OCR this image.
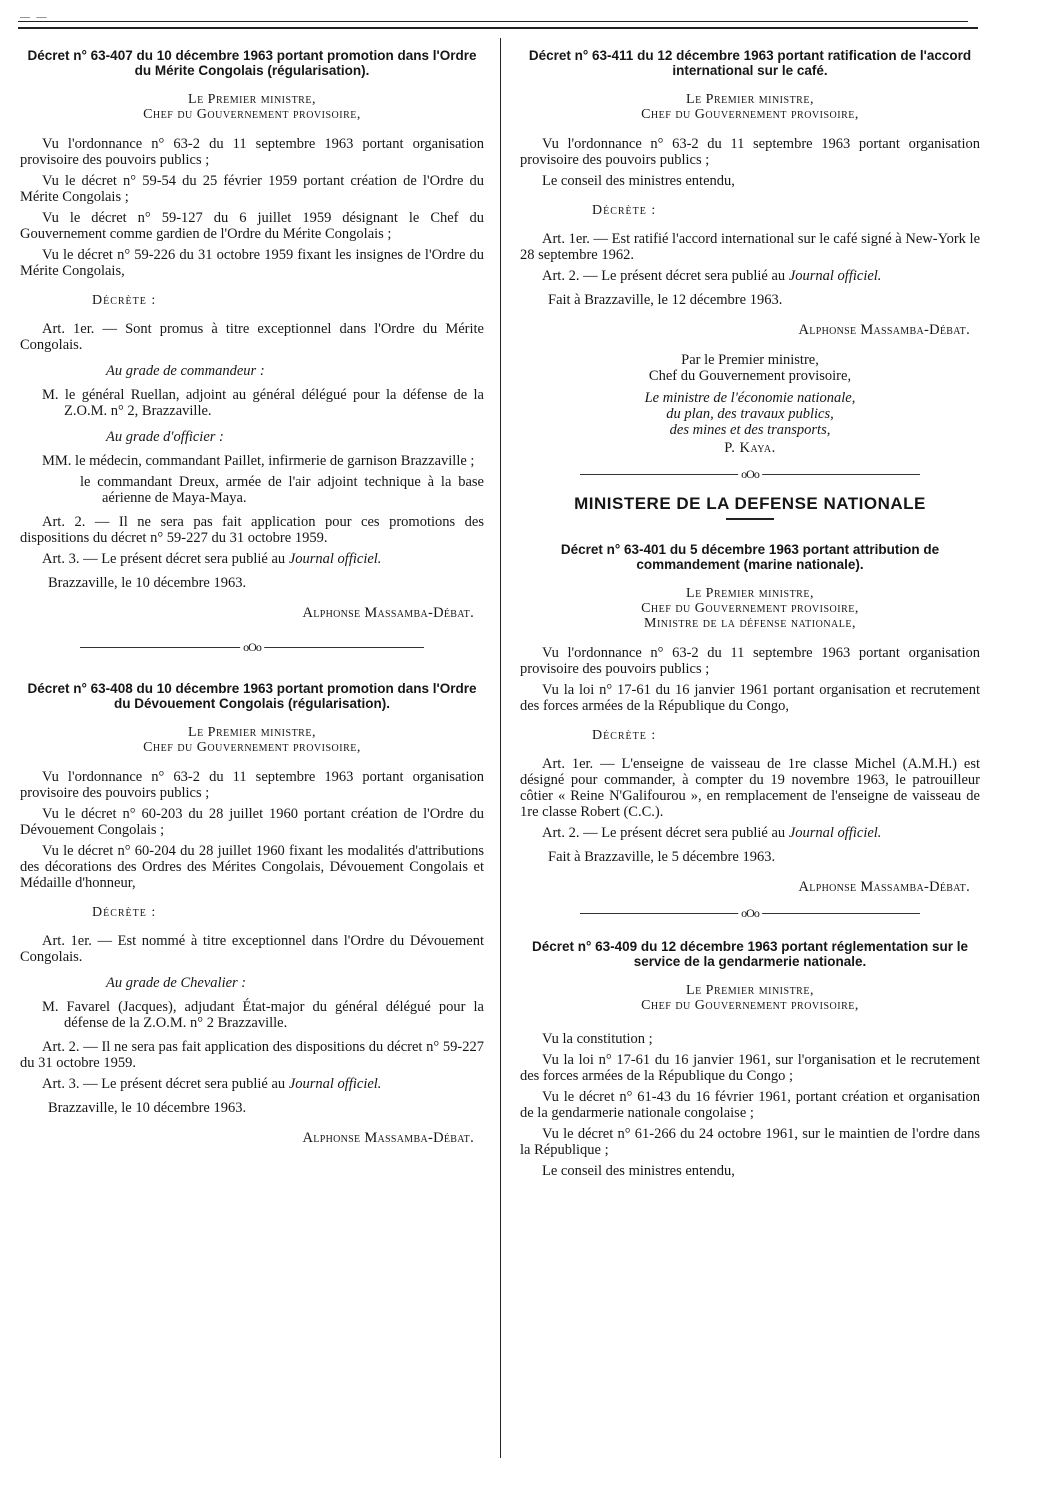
— —
Décret n° 63-407 du 10 décembre 1963 portant promotion dans l'Ordre du Mérite Congolais (régularisation).
Le Premier ministre,
Chef du Gouvernement provisoire,

Vu l'ordonnance n° 63-2 du 11 septembre 1963 portant organisation provisoire des pouvoirs publics ;

Vu le décret n° 59-54 du 25 février 1959 portant création de l'Ordre du Mérite Congolais ;

Vu le décret n° 59-127 du 6 juillet 1959 désignant le Chef du Gouvernement comme gardien de l'Ordre du Mérite Congolais ;

Vu le décret n° 59-226 du 31 octobre 1959 fixant les insignes de l'Ordre du Mérite Congolais,

Décrète :

Art. 1er. — Sont promus à titre exceptionnel dans l'Ordre du Mérite Congolais.

Au grade de commandeur :

M. le général Ruellan, adjoint au général délégué pour la défense de la Z.O.M. n° 2, Brazzaville.

Au grade d'officier :

MM. le médecin, commandant Paillet, infirmerie de garnison Brazzaville ;

le commandant Dreux, armée de l'air adjoint technique à la base aérienne de Maya-Maya.

Art. 2. — Il ne sera pas fait application pour ces promotions des dispositions du décret n° 59-227 du 31 octobre 1959.

Art. 3. — Le présent décret sera publié au Journal officiel.

Brazzaville, le 10 décembre 1963.

Alphonse Massamba-Débat.
oOo
Décret n° 63-408 du 10 décembre 1963 portant promotion dans l'Ordre du Dévouement Congolais (régularisation).
Le Premier ministre,
Chef du Gouvernement provisoire,

Vu l'ordonnance n° 63-2 du 11 septembre 1963 portant organisation provisoire des pouvoirs publics ;

Vu le décret n° 60-203 du 28 juillet 1960 portant création de l'Ordre du Dévouement Congolais ;

Vu le décret n° 60-204 du 28 juillet 1960 fixant les modalités d'attributions des décorations des Ordres des Mérites Congolais, Dévouement Congolais et Médaille d'honneur,

Décrète :

Art. 1er. — Est nommé à titre exceptionnel dans l'Ordre du Dévouement Congolais.

Au grade de Chevalier :

M. Favarel (Jacques), adjudant État-major du général délégué pour la défense de la Z.O.M. n° 2 Brazzaville.

Art. 2. — Il ne sera pas fait application des dispositions du décret n° 59-227 du 31 octobre 1959.

Art. 3. — Le présent décret sera publié au Journal officiel.

Brazzaville, le 10 décembre 1963.

Alphonse Massamba-Débat.
Décret n° 63-411 du 12 décembre 1963 portant ratification de l'accord international sur le café.
Le Premier ministre,
Chef du Gouvernement provisoire,

Vu l'ordonnance n° 63-2 du 11 septembre 1963 portant organisation provisoire des pouvoirs publics ;

Le conseil des ministres entendu,

Décrète :

Art. 1er. — Est ratifié l'accord international sur le café signé à New-York le 28 septembre 1962.

Art. 2. — Le présent décret sera publié au Journal officiel.

Fait à Brazzaville, le 12 décembre 1963.

Alphonse Massamba-Débat.
Par le Premier ministre,
Chef du Gouvernement provisoire,
Le ministre de l'économie nationale,
du plan, des travaux publics,
des mines et des transports,
P. Kaya.
oOo
MINISTERE DE LA DEFENSE NATIONALE
Décret n° 63-401 du 5 décembre 1963 portant attribution de commandement (marine nationale).
Le Premier ministre,
Chef du Gouvernement provisoire,
Ministre de la défense nationale,

Vu l'ordonnance n° 63-2 du 11 septembre 1963 portant organisation provisoire des pouvoirs publics ;

Vu la loi n° 17-61 du 16 janvier 1961 portant organisation et recrutement des forces armées de la République du Congo,

Décrète :

Art. 1er. — L'enseigne de vaisseau de 1re classe Michel (A.M.H.) est désigné pour commander, à compter du 19 novembre 1963, le patrouilleur côtier « Reine N'Galifourou », en remplacement de l'enseigne de vaisseau de 1re classe Robert (C.C.).

Art. 2. — Le présent décret sera publié au Journal officiel.

Fait à Brazzaville, le 5 décembre 1963.

Alphonse Massamba-Débat.
oOo
Décret n° 63-409 du 12 décembre 1963 portant réglementation sur le service de la gendarmerie nationale.
Le Premier ministre,
Chef du Gouvernement provisoire,

Vu la constitution ;

Vu la loi n° 17-61 du 16 janvier 1961, sur l'organisation et le recrutement des forces armées de la République du Congo ;

Vu le décret n° 61-43 du 16 février 1961, portant création et organisation de la gendarmerie nationale congolaise ;

Vu le décret n° 61-266 du 24 octobre 1961, sur le maintien de l'ordre dans la République ;

Le conseil des ministres entendu,
